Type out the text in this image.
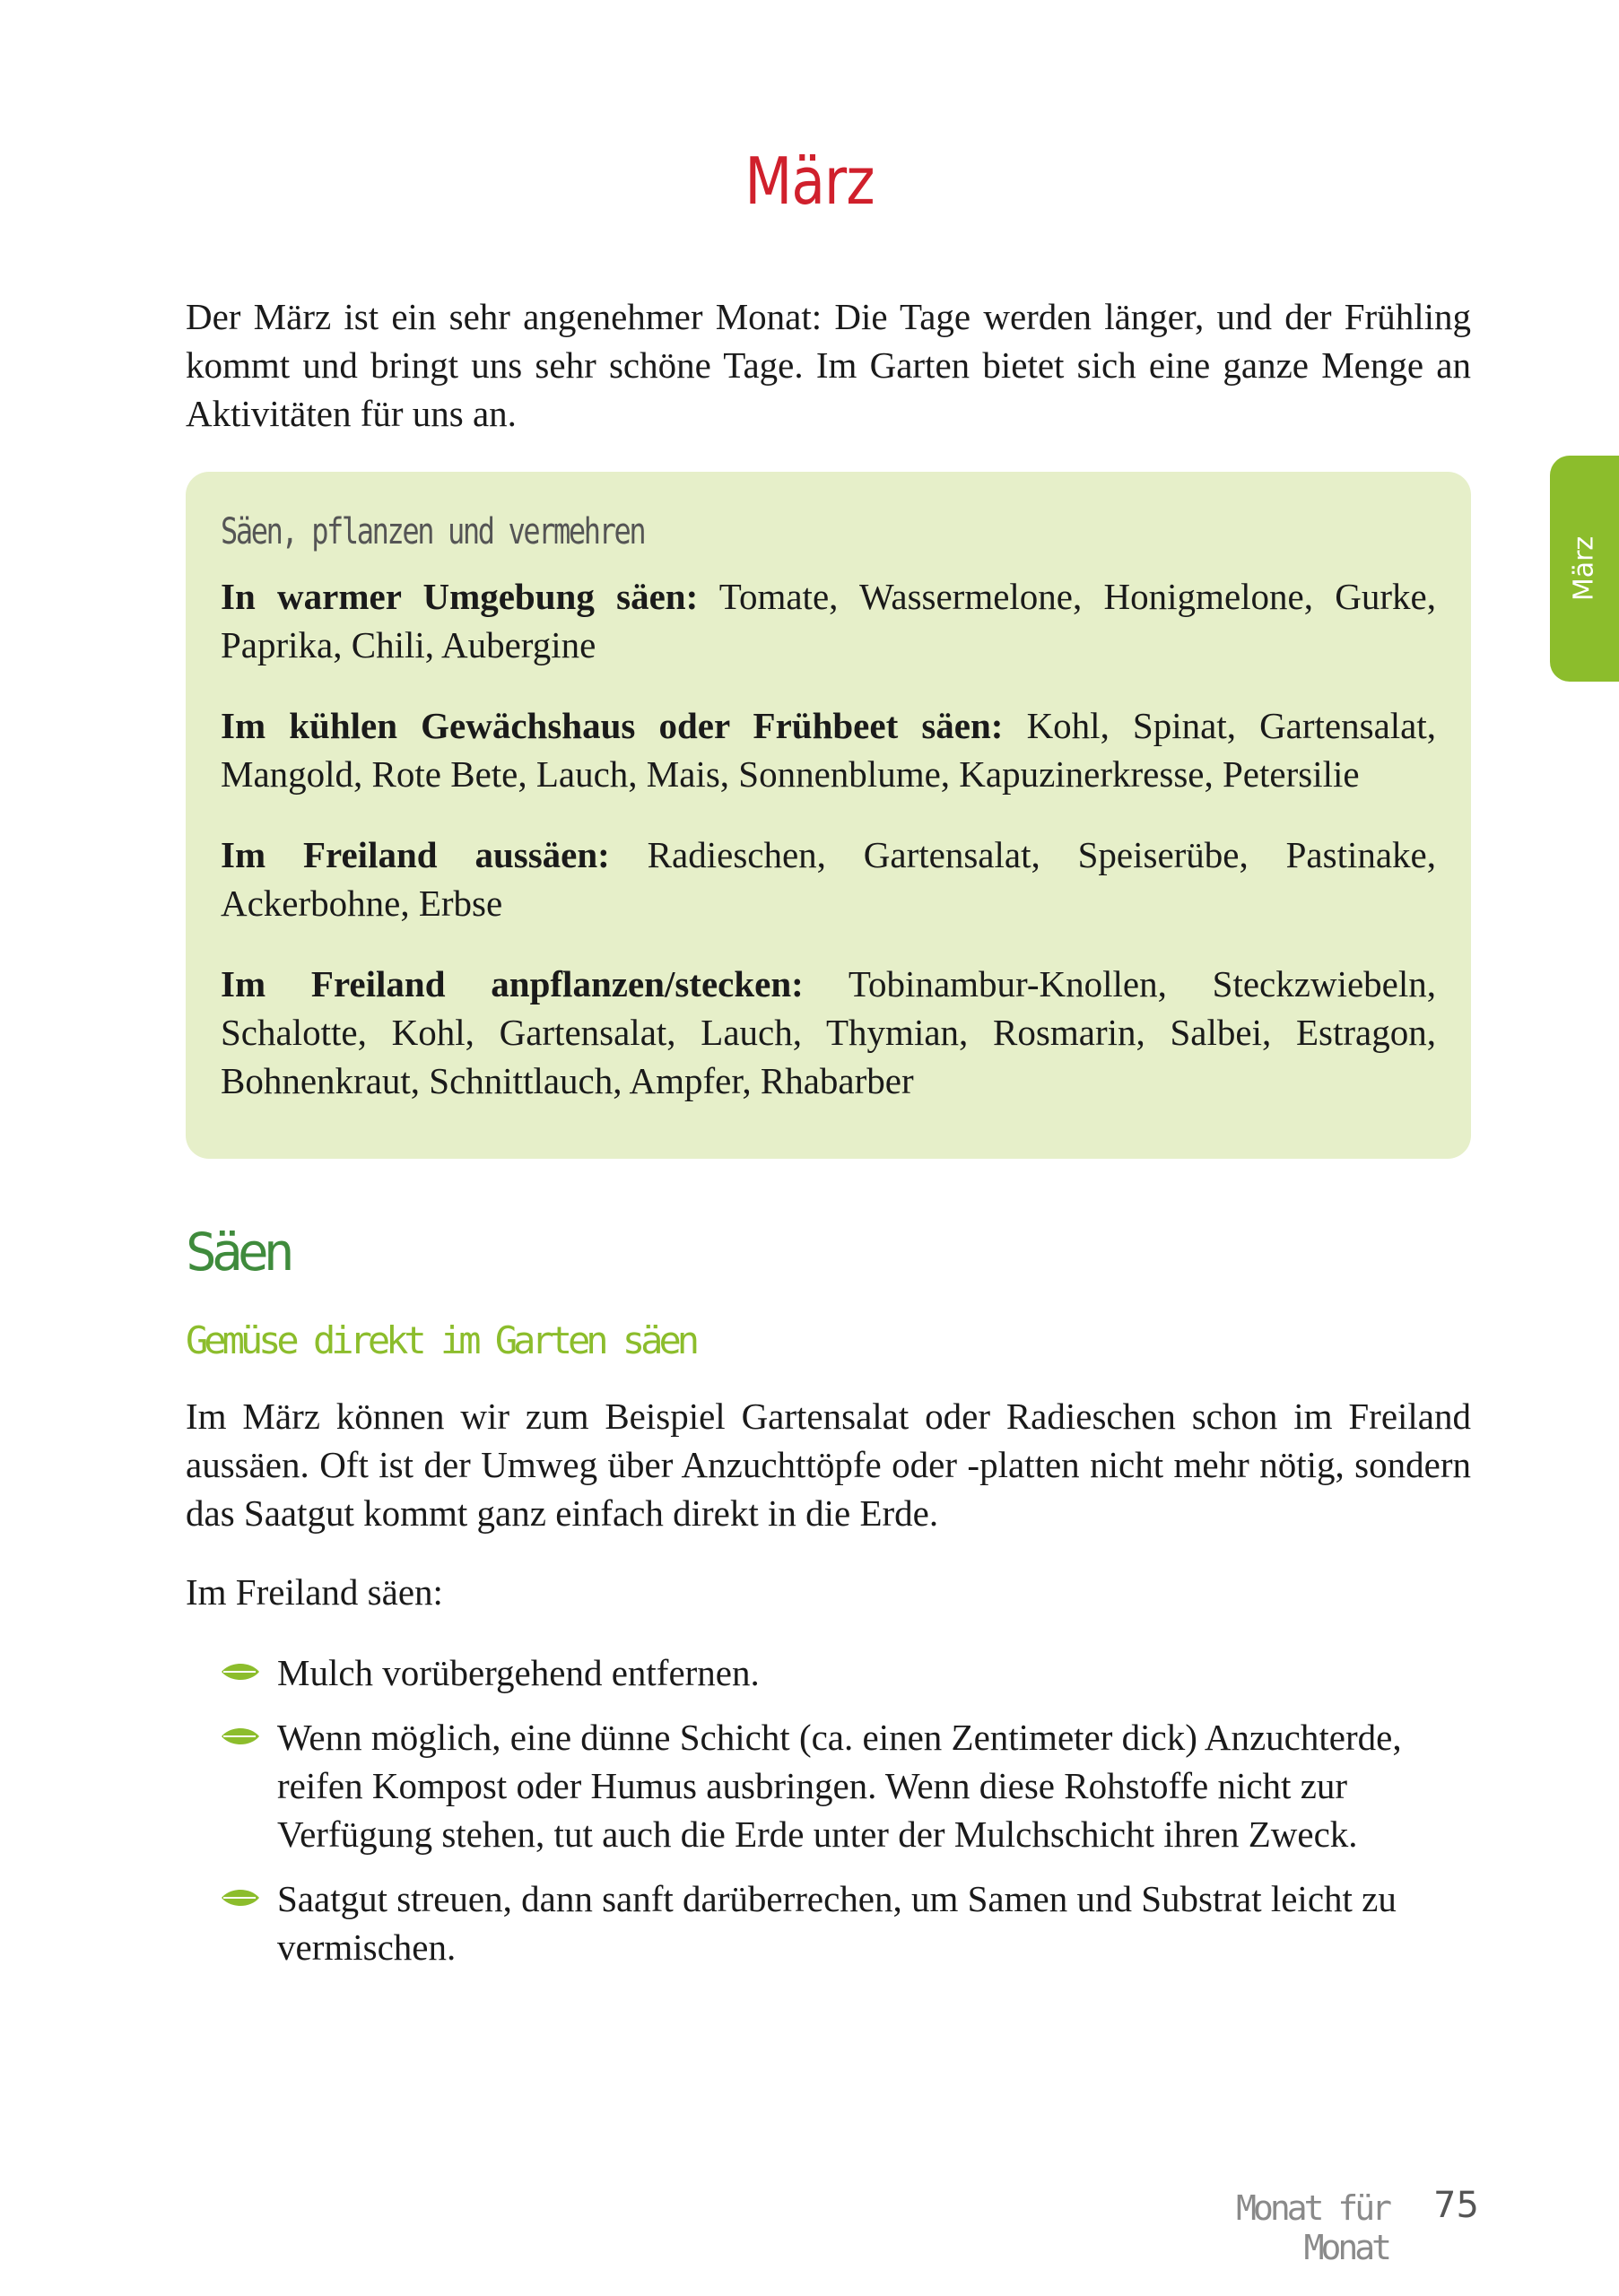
März

Der März ist ein sehr angenehmer Monat: Die Tage werden länger, und der Frühling kommt und bringt uns sehr schöne Tage. Im Garten bietet sich eine ganze Menge an Aktivitäten für uns an.

Säen, pflanzen und vermehren

In warmer Umgebung säen: Tomate, Wassermelone, Honigmelone, Gurke, Paprika, Chili, Aubergine

Im kühlen Gewächshaus oder Frühbeet säen: Kohl, Spinat, Gartensalat, Mangold, Rote Bete, Lauch, Mais, Sonnenblume, Kapuzinerkresse, Petersilie

Im Freiland aussäen: Radieschen, Gartensalat, Speiserübe, Pastinake, Ackerbohne, Erbse

Im Freiland anpflanzen/stecken: Tobinambur-Knollen, Steckzwiebeln, Schalotte, Kohl, Gartensalat, Lauch, Thymian, Rosmarin, Salbei, Estragon, Bohnenkraut, Schnittlauch, Ampfer, Rhabarber

Säen
Gemüse direkt im Garten säen

Im März können wir zum Beispiel Gartensalat oder Radieschen schon im Freiland aussäen. Oft ist der Umweg über Anzuchttöpfe oder -platten nicht mehr nötig, sondern das Saatgut kommt ganz einfach direkt in die Erde.

Im Freiland säen:

Mulch vorübergehend entfernen.
Wenn möglich, eine dünne Schicht (ca. einen Zentimeter dick) Anzuchterde, reifen Kompost oder Humus ausbringen. Wenn diese Rohstoffe nicht zur Verfügung stehen, tut auch die Erde unter der Mulchschicht ihren Zweck.
Saatgut streuen, dann sanft darüberrechen, um Samen und Substrat leicht zu vermischen.
März
Monat für Monat
75
